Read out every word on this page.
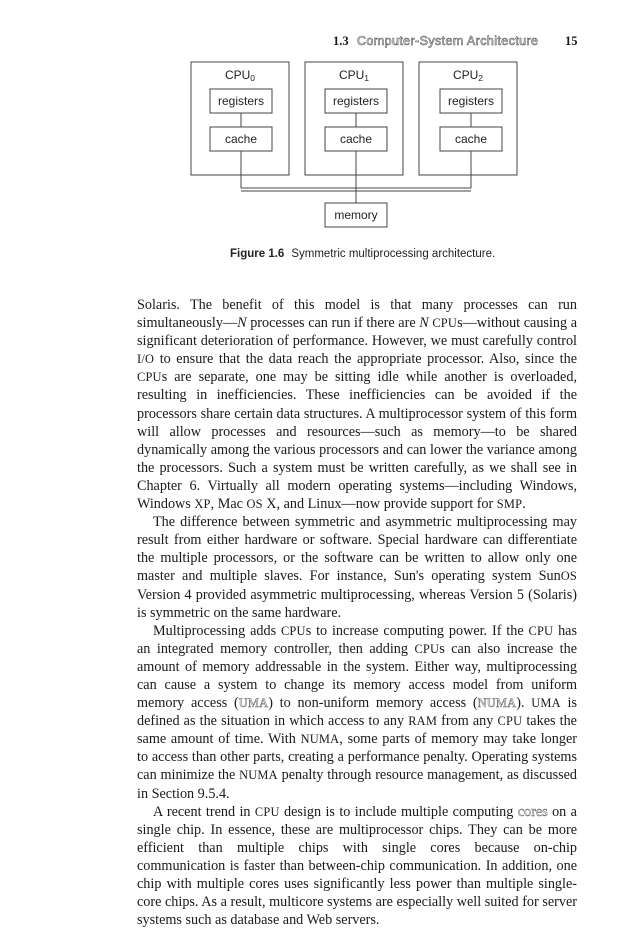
1.3 Computer-System Architecture 15
$CPU_0$	$CPU_1$	$CPU_2$
registers	registers	registers
cache	cache	cache
memory
Figure 1.6 Symmetric multiprocessing architecture.

Solaris. The benefit of this model is that many processes can run simultaneously—N processes can run if there are N CPUs—without causing a significant deterioration of performance. However, we must carefully control I/O to ensure that the data reach the appropriate processor. Also, since the CPUs are separate, one may be sitting idle while another is overloaded, resulting in inefficiencies. These inefficiencies can be avoided if the processors share certain data structures. A multiprocessor system of this form will allow processes and resources—such as memory—to be shared dynamically among the various processors and can lower the variance among the processors. Such a system must be written carefully, as we shall see in Chapter 6. Virtually all modern operating systems—including Windows, Windows XP, Mac OS X, and Linux—now provide support for SMP.

The difference between symmetric and asymmetric multiprocessing may result from either hardware or software. Special hardware can differentiate the multiple processors, or the software can be written to allow only one master and multiple slaves. For instance, Sun's operating system SunOS Version 4 provided asymmetric multiprocessing, whereas Version 5 (Solaris) is symmetric on the same hardware.

Multiprocessing adds CPUs to increase computing power. If the CPU has an integrated memory controller, then adding CPUs can also increase the amount of memory addressable in the system. Either way, multiprocessing can cause a system to change its memory access model from uniform memory access (UMA) to non-uniform memory access (NUMA). UMA is defined as the situation in which access to any RAM from any CPU takes the same amount of time. With NUMA, some parts of memory may take longer to access than other parts, creating a performance penalty. Operating systems can minimize the NUMA penalty through resource management, as discussed in Section 9.5.4.

A recent trend in CPU design is to include multiple computing cores on a single chip. In essence, these are multiprocessor chips. They can be more efficient than multiple chips with single cores because on-chip communication is faster than between-chip communication. In addition, one chip with multiple cores uses significantly less power than multiple single-core chips. As a result, multicore systems are especially well suited for server systems such as database and Web servers.
